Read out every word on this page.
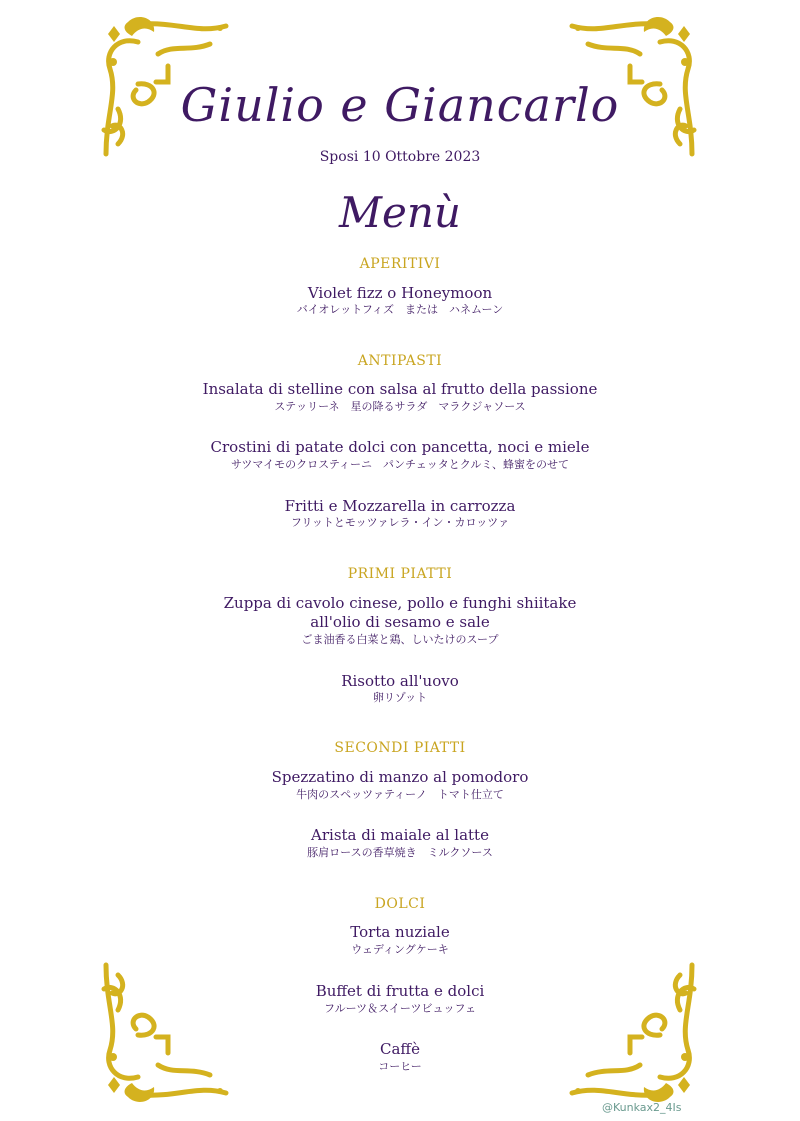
Giulio e Giancarlo
Sposi 10 Ottobre 2023
Menù
APERITIVI
Violet fizz o Honeymoon
バイオレットフィズ　または　ハネムーン
ANTIPASTI
Insalata di stelline con salsa al frutto della passione
ステッリーネ　星の降るサラダ　マラクジャソース
Crostini di patate dolci con pancetta, noci e miele
サツマイモのクロスティーニ　パンチェッタとクルミ、蜂蜜をのせて
Fritti e Mozzarella in carrozza
フリットとモッツァレラ・イン・カロッツァ
PRIMI PIATTI
Zuppa di cavolo cinese, pollo e funghi shiitake
all'olio di sesamo e sale
ごま油香る白菜と鶏、しいたけのスープ
Risotto all'uovo
卵リゾット
SECONDI PIATTI
Spezzatino di manzo al pomodoro
牛肉のスペッツァティーノ　トマト仕立て
Arista di maiale al latte
豚肩ロースの香草焼き　ミルクソース
DOLCI
Torta nuziale
ウェディングケーキ
Buffet di frutta e dolci
フルーツ＆スイーツビュッフェ
Caffè
コーヒー
@Kunkax2_4Is
